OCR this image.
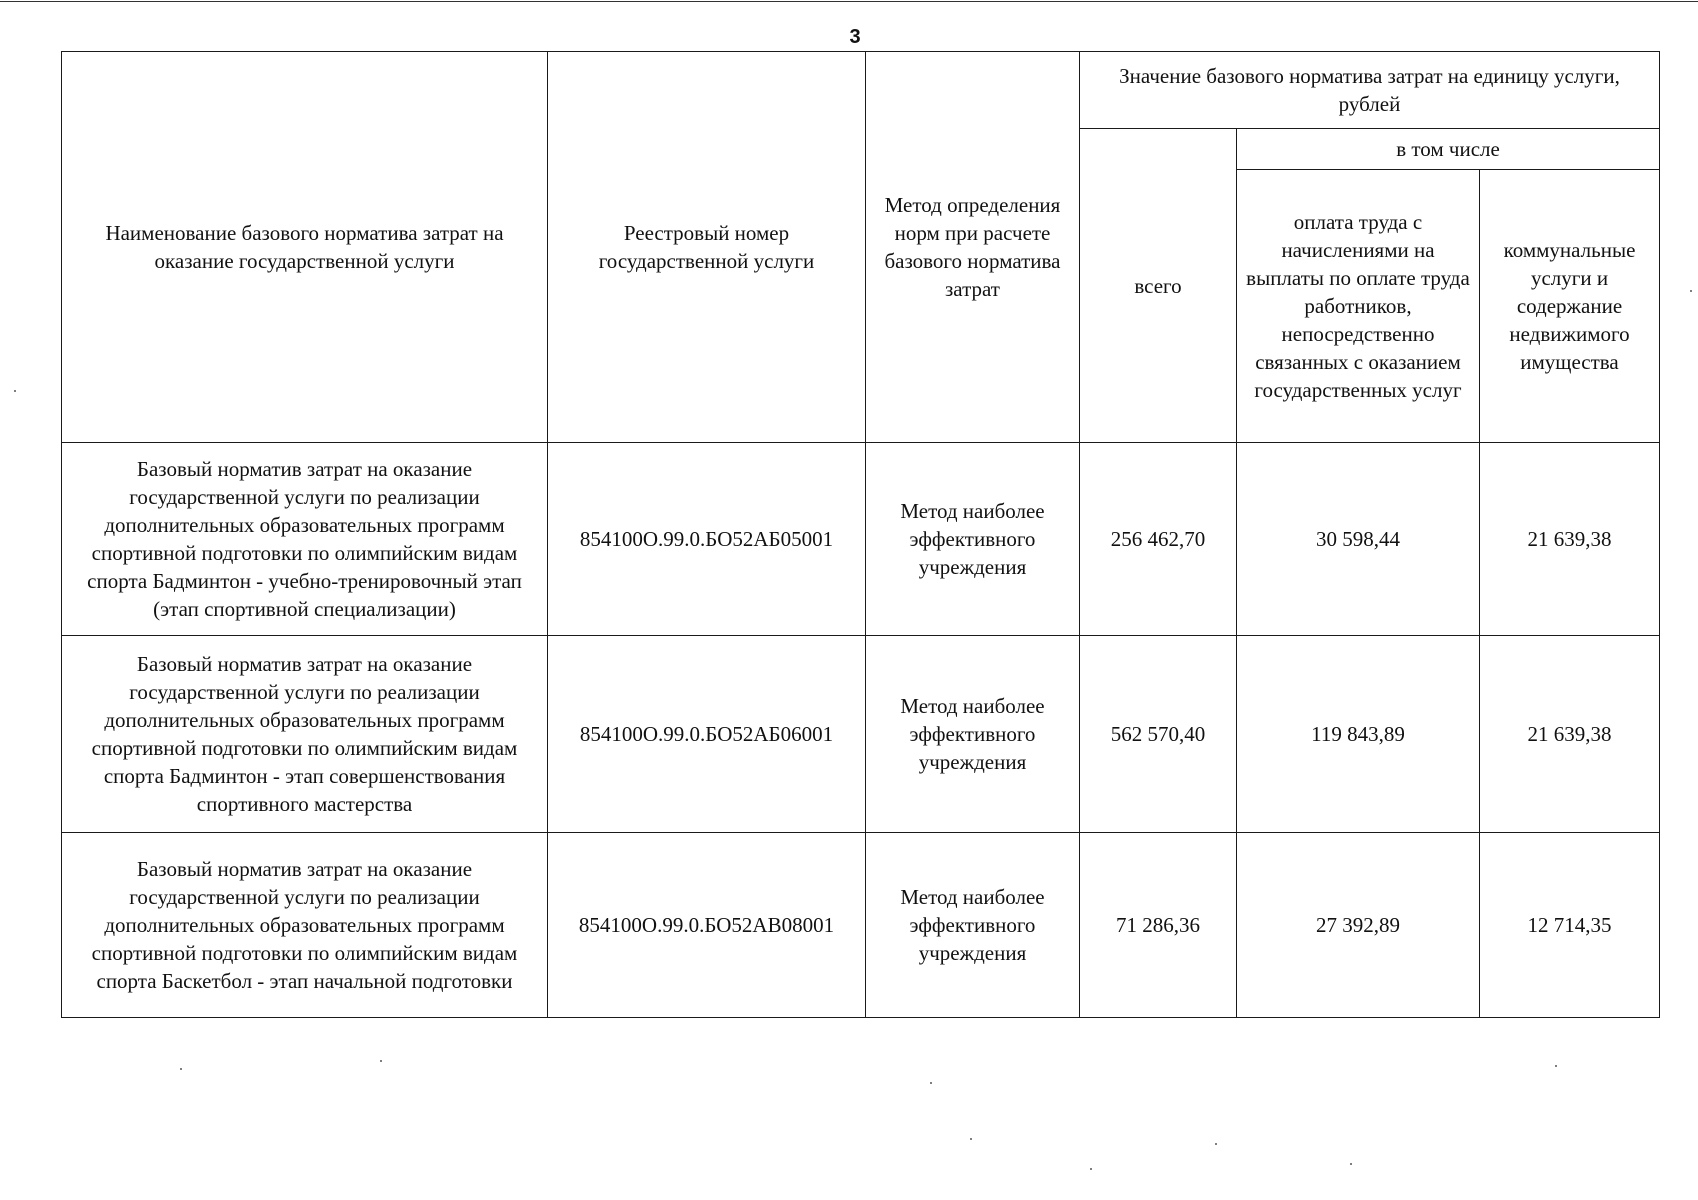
3
Наименование базового норматива затрат на оказание государственной услуги	Реестровый номер государственной услуги	Метод определения норм при расчете базового норматива затрат	Значение базового норматива затрат на единицу услуги, рублей		
			всего	в том числе	
				оплата труда с начислениями на выплаты по оплате труда работников, непосредственно связанных с оказанием государственных услуг	коммунальные услуги и содержание недвижимого имущества
Базовый норматив затрат на оказание государственной услуги по реализации дополнительных образовательных программ спортивной подготовки по олимпийским видам спорта Бадминтон - учебно-тренировочный этап (этап спортивной специализации)	854100О.99.0.БО52АБ05001	Метод наиболее эффективного учреждения	256 462,70	30 598,44	21 639,38
Базовый норматив затрат на оказание государственной услуги по реализации дополнительных образовательных программ спортивной подготовки по олимпийским видам спорта Бадминтон - этап совершенствования спортивного мастерства	854100О.99.0.БО52АБ06001	Метод наиболее эффективного учреждения	562 570,40	119 843,89	21 639,38
Базовый норматив затрат на оказание государственной услуги по реализации дополнительных образовательных программ спортивной подготовки по олимпийским видам спорта Баскетбол - этап начальной подготовки	854100О.99.0.БО52АВ08001	Метод наиболее эффективного учреждения	71 286,36	27 392,89	12 714,35
